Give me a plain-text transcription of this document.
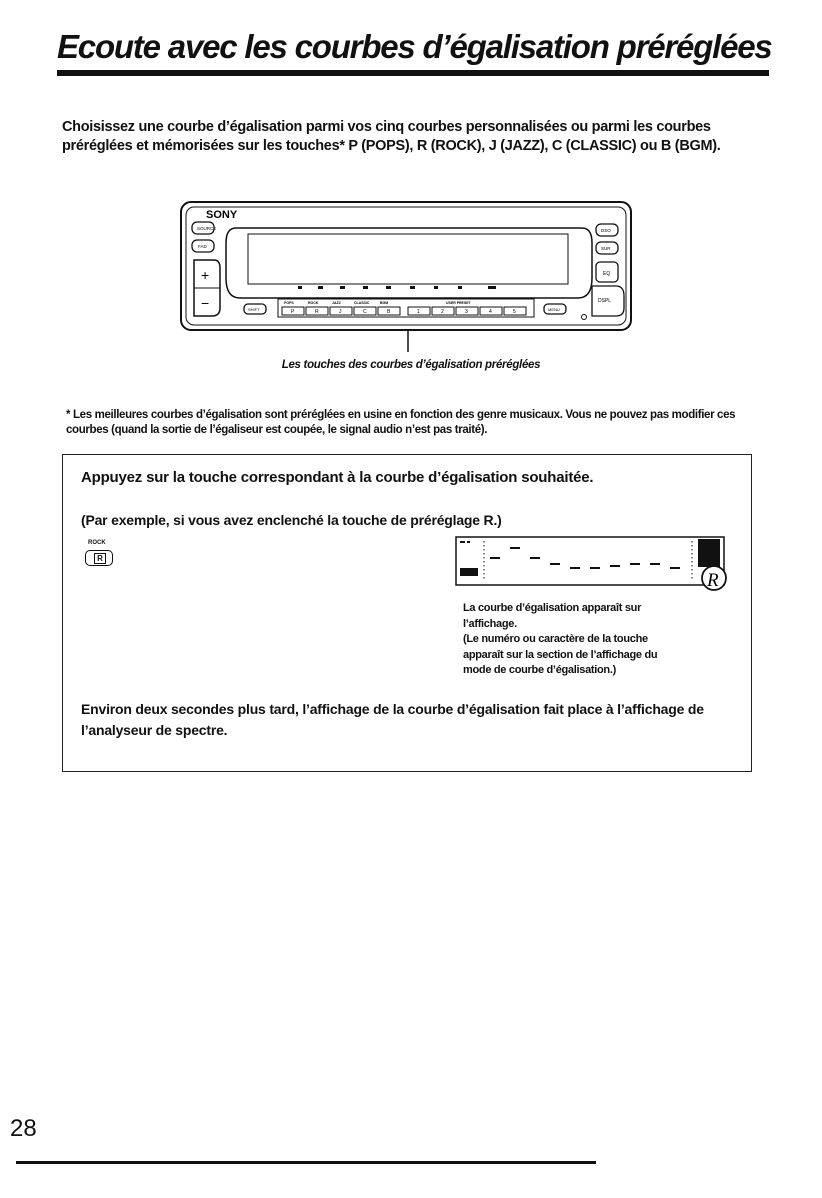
Ecoute avec les courbes d’égalisation préréglées

Choisissez une courbe d’égalisation parmi vos cinq courbes personnalisées ou parmi les courbes préréglées et mémorisées sur les touches* P (POPS), R (ROCK), J (JAZZ), C (CLASSIC) ou B (BGM).

SONY
SOURCE
FAD
+
−
DSO
SUR
EQ
DSPL
SHIFT	MENU
P	R	J	C	B	1	2	3	4	5
POPS	ROCK	JAZZ	CLASSIC	BGM	USER PRESET
Les touches des courbes d’égalisation préréglées

* Les meilleures courbes d’égalisation sont préréglées en usine en fonction des genre musicaux. Vous ne pouvez pas modifier ces courbes (quand la sortie de l’égaliseur est coupée, le signal audio n’est pas traité).

Appuyez sur la touche correspondant à la courbe d’égalisation souhaitée.

(Par exemple, si vous avez enclenché la touche de préréglage R.)

ROCK
R
R

La courbe d’égalisation apparaît sur
l’affichage.
(Le numéro ou caractère de la touche
apparaît sur la section de l’affichage du
mode de courbe d’égalisation.)

Environ deux secondes plus tard, l’affichage de la courbe d’égalisation fait place à l’affichage de l’analyseur de spectre.

28
